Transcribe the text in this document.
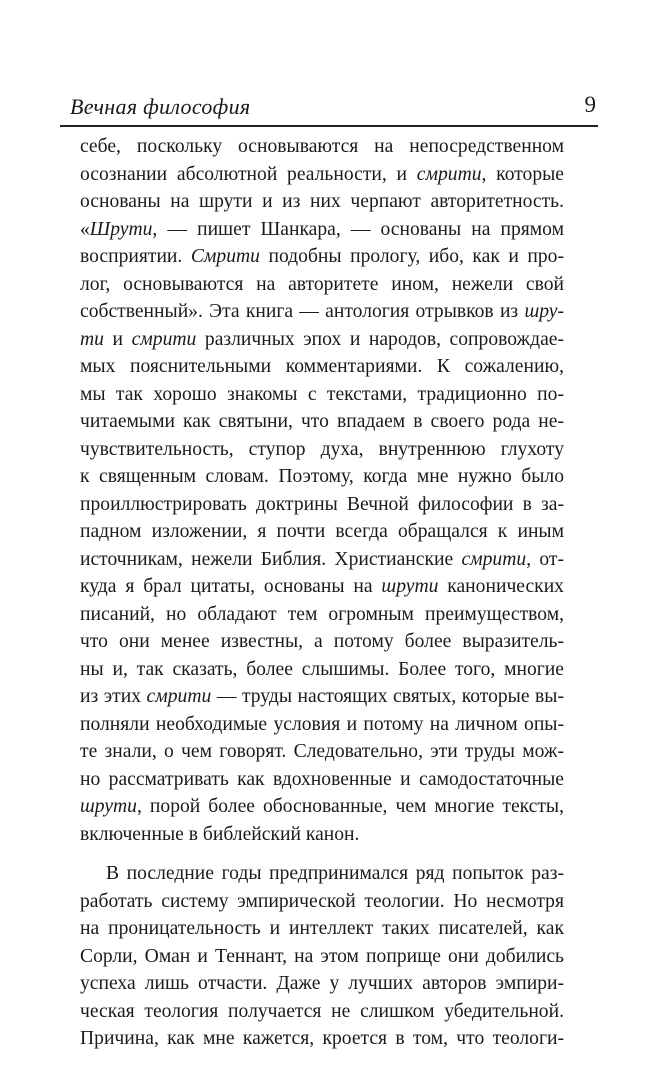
Вечная философия	9
себе, поскольку основываются на непосредственном
осознании абсолютной реальности, и смрити, которые
основаны на шрути и из них черпают авторитетность.
«Шрути, — пишет Шанкара, — основаны на прямом
восприятии. Смрити подобны прологу, ибо, как и про-
лог, основываются на авторитете ином, нежели свой
собственный». Эта книга — антология отрывков из шру-
ти и смрити различных эпох и народов, сопровождае-
мых пояснительными комментариями. К сожалению,
мы так хорошо знакомы с текстами, традиционно по-
читаемыми как святыни, что впадаем в своего рода не-
чувствительность, ступор духа, внутреннюю глухоту
к священным словам. Поэтому, когда мне нужно было
проиллюстрировать доктрины Вечной философии в за-
падном изложении, я почти всегда обращался к иным
источникам, нежели Библия. Христианские смрити, от-
куда я брал цитаты, основаны на шрути канонических
писаний, но обладают тем огромным преимуществом,
что они менее известны, а потому более выразитель-
ны и, так сказать, более слышимы. Более того, многие
из этих смрити — труды настоящих святых, которые вы-
полняли необходимые условия и потому на личном опы-
те знали, о чем говорят. Следовательно, эти труды мож-
но рассматривать как вдохновенные и самодостаточные
шрути, порой более обоснованные, чем многие тексты,
включенные в библейский канон.
В последние годы предпринимался ряд попыток раз-
работать систему эмпирической теологии. Но несмотря
на проницательность и интеллект таких писателей, как
Сорли, Оман и Теннант, на этом поприще они добились
успеха лишь отчасти. Даже у лучших авторов эмпири-
ческая теология получается не слишком убедительной.
Причина, как мне кажется, кроется в том, что теологи-
